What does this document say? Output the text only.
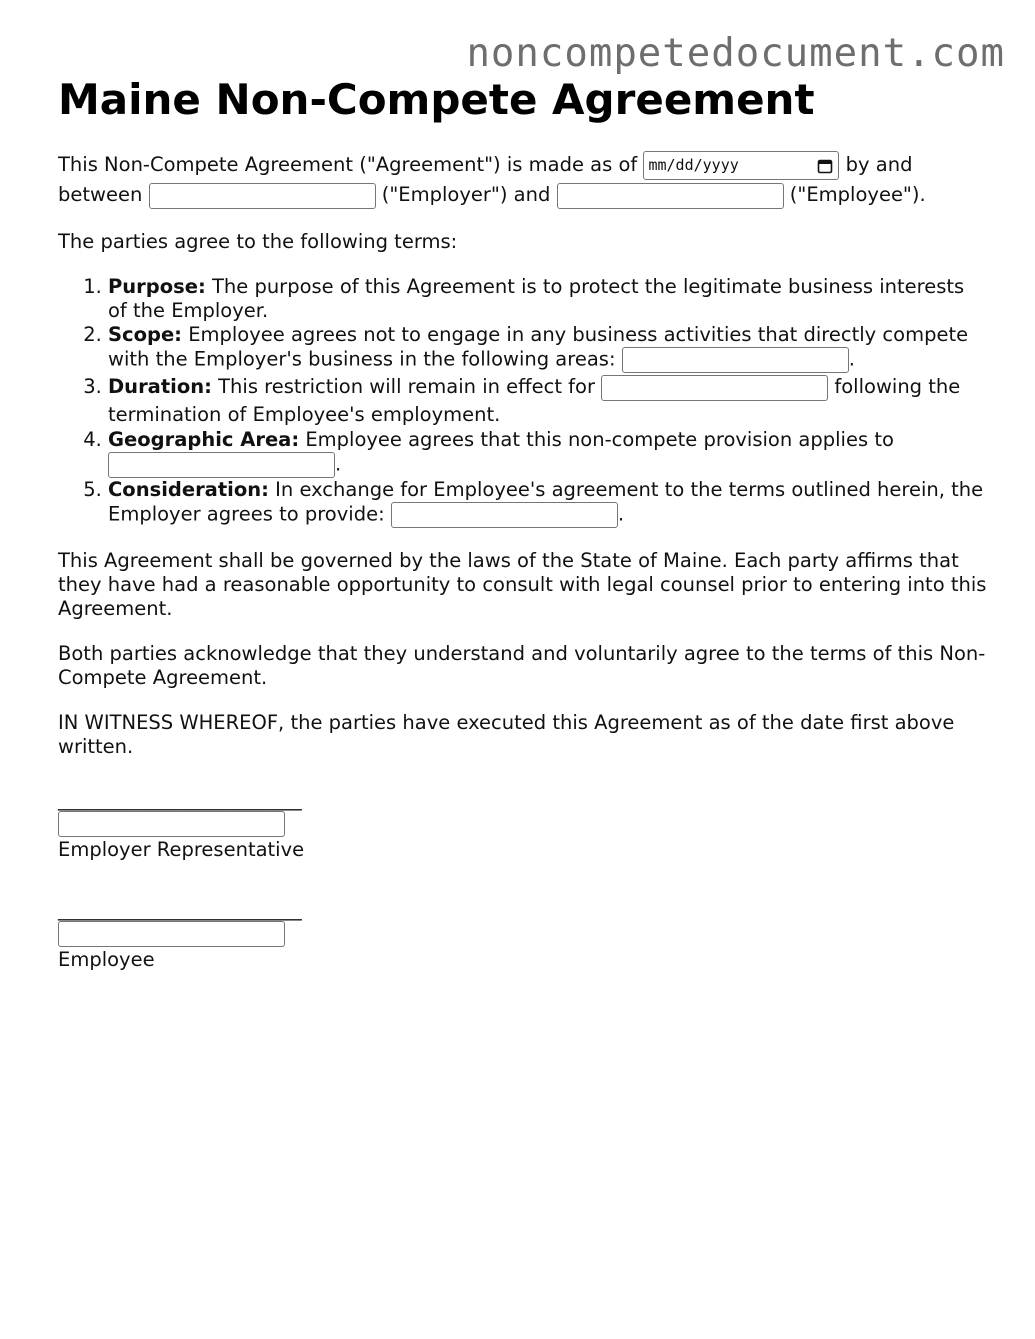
noncompetedocument.com
Maine Non-Compete Agreement

This Non-Compete Agreement ("Agreement") is made as of mm/dd/yyyy	by and between	("Employer") and	("Employee").

The parties agree to the following terms:

1. Purpose: The purpose of this Agreement is to protect the legitimate business interests of the Employer.
2. Scope: Employee agrees not to engage in any business activities that directly compete with the Employer's business in the following areas:	.
3. Duration: This restriction will remain in effect for	following the termination of Employee's employment.
4. Geographic Area: Employee agrees that this non-compete provision applies to .
5. Consideration: In exchange for Employee's agreement to the terms outlined herein, the Employer agrees to provide:	.

This Agreement shall be governed by the laws of the State of Maine. Each party affirms that they have had a reasonable opportunity to consult with legal counsel prior to entering into this Agreement.

Both parties acknowledge that they understand and voluntarily agree to the terms of this Non-Compete Agreement.

IN WITNESS WHEREOF, the parties have executed this Agreement as of the date first above written.

_________________________
Employer Representative
_________________________
Employee
